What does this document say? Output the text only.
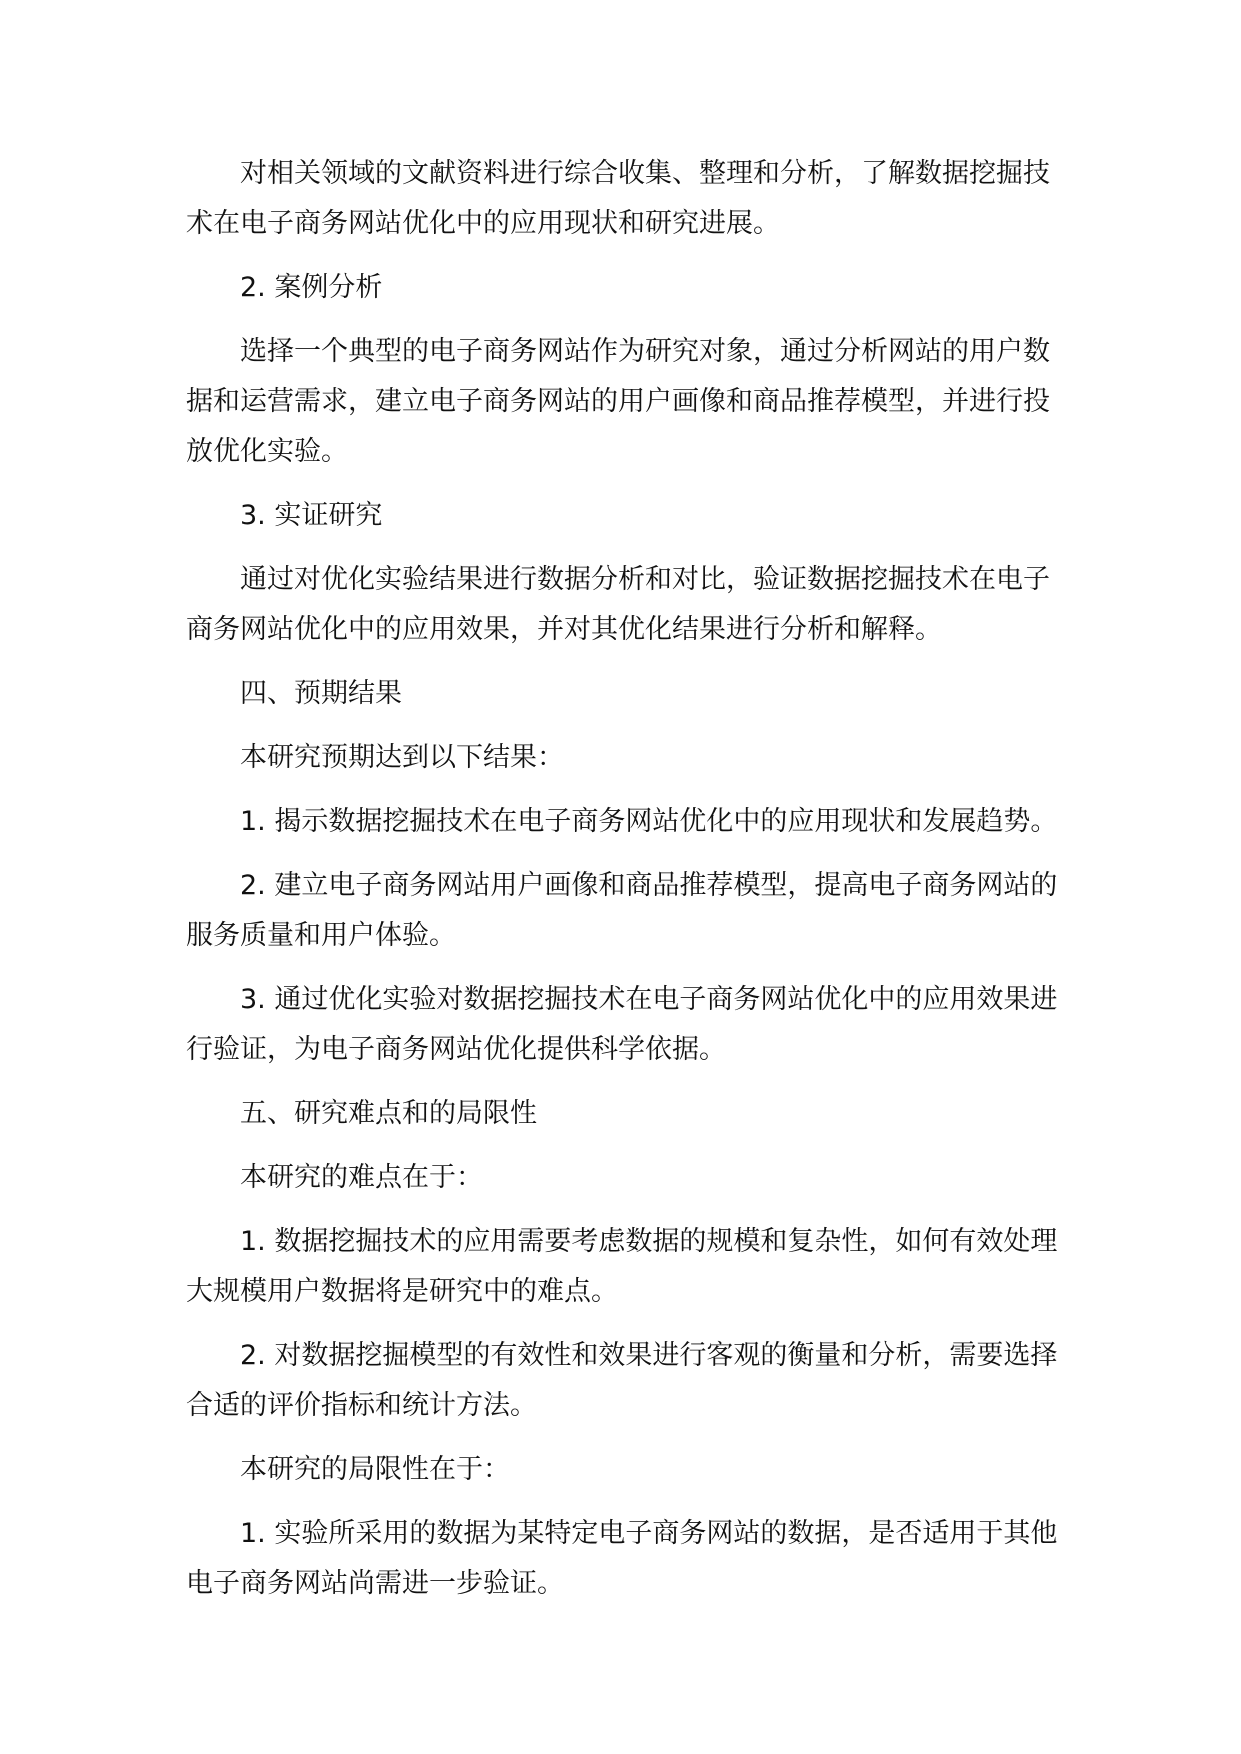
对相关领域的文献资料进行综合收集、整理和分析，了解数据挖掘技术在电子商务网站优化中的应用现状和研究进展。

2. 案例分析

选择一个典型的电子商务网站作为研究对象，通过分析网站的用户数据和运营需求，建立电子商务网站的用户画像和商品推荐模型，并进行投放优化实验。

3. 实证研究

通过对优化实验结果进行数据分析和对比，验证数据挖掘技术在电子商务网站优化中的应用效果，并对其优化结果进行分析和解释。

四、预期结果

本研究预期达到以下结果：

1. 揭示数据挖掘技术在电子商务网站优化中的应用现状和发展趋势。

2. 建立电子商务网站用户画像和商品推荐模型，提高电子商务网站的服务质量和用户体验。

3. 通过优化实验对数据挖掘技术在电子商务网站优化中的应用效果进行验证，为电子商务网站优化提供科学依据。

五、研究难点和的局限性

本研究的难点在于：

1. 数据挖掘技术的应用需要考虑数据的规模和复杂性，如何有效处理大规模用户数据将是研究中的难点。

2. 对数据挖掘模型的有效性和效果进行客观的衡量和分析，需要选择合适的评价指标和统计方法。

本研究的局限性在于：

1. 实验所采用的数据为某特定电子商务网站的数据，是否适用于其他电子商务网站尚需进一步验证。
